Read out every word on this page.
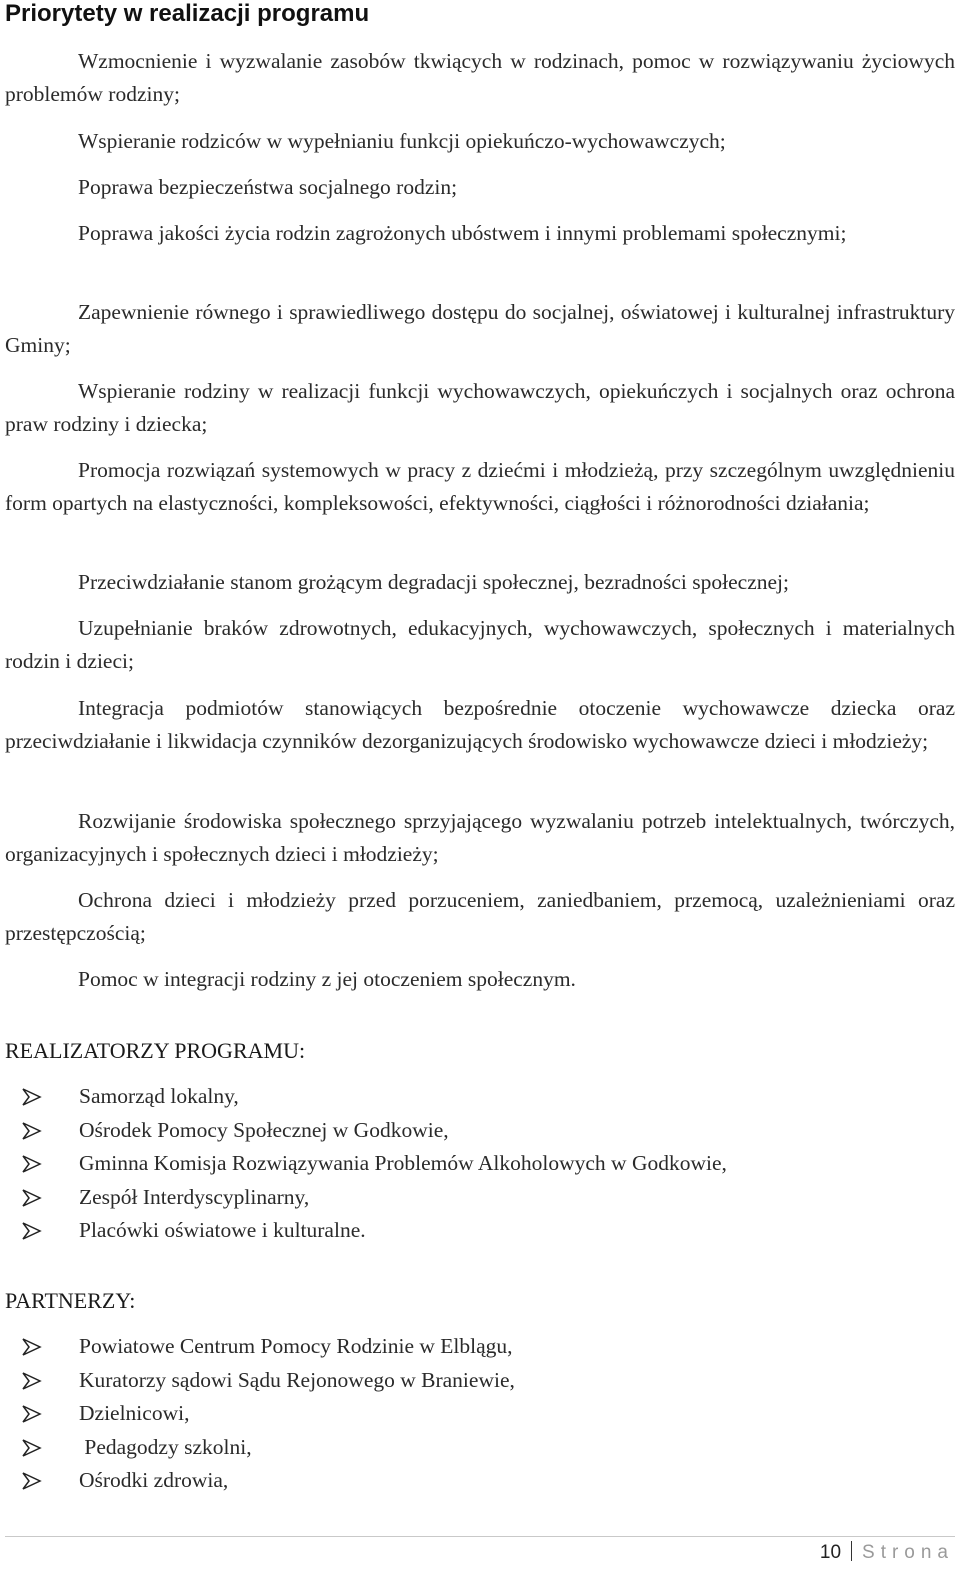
Priorytety w realizacji programu

Wzmocnienie i wyzwalanie zasobów tkwiących w rodzinach, pomoc w rozwiązywaniu życiowych problemów rodziny;

Wspieranie rodziców w wypełnianiu funkcji opiekuńczo-wychowawczych;

Poprawa bezpieczeństwa socjalnego rodzin;

Poprawa jakości życia rodzin zagrożonych ubóstwem i innymi problemami społecznymi;

Zapewnienie równego i sprawiedliwego dostępu do socjalnej, oświatowej i kulturalnej infrastruktury Gminy;

Wspieranie rodziny w realizacji funkcji wychowawczych, opiekuńczych i socjalnych oraz ochrona praw rodziny i dziecka;

Promocja rozwiązań systemowych w pracy z dziećmi i młodzieżą, przy szczególnym uwzględnieniu form opartych na elastyczności, kompleksowości, efektywności, ciągłości i różnorodności działania;

Przeciwdziałanie stanom grożącym degradacji społecznej, bezradności społecznej;

Uzupełnianie braków zdrowotnych, edukacyjnych, wychowawczych, społecznych i materialnych rodzin i dzieci;

Integracja podmiotów stanowiących bezpośrednie otoczenie wychowawcze dziecka oraz przeciwdziałanie i likwidacja czynników dezorganizujących środowisko wychowawcze dzieci i młodzieży;

Rozwijanie środowiska społecznego sprzyjającego wyzwalaniu potrzeb intelektualnych, twórczych, organizacyjnych i społecznych dzieci i młodzieży;

Ochrona dzieci i młodzieży przed porzuceniem, zaniedbaniem, przemocą, uzależnieniami oraz przestępczością;

Pomoc w integracji rodziny z jej otoczeniem społecznym.

REALIZATORZY PROGRAMU:
Samorząd lokalny,
Ośrodek Pomocy Społecznej w Godkowie,
Gminna Komisja Rozwiązywania Problemów Alkoholowych w Godkowie,
Zespół Interdyscyplinarny,
Placówki oświatowe i kulturalne.
PARTNERZY:
Powiatowe Centrum Pomocy Rodzinie w Elblągu,
Kuratorzy sądowi Sądu Rejonowego w Braniewie,
Dzielnicowi,
Pedagodzy szkolni,
Ośrodki zdrowia,
10 Strona
